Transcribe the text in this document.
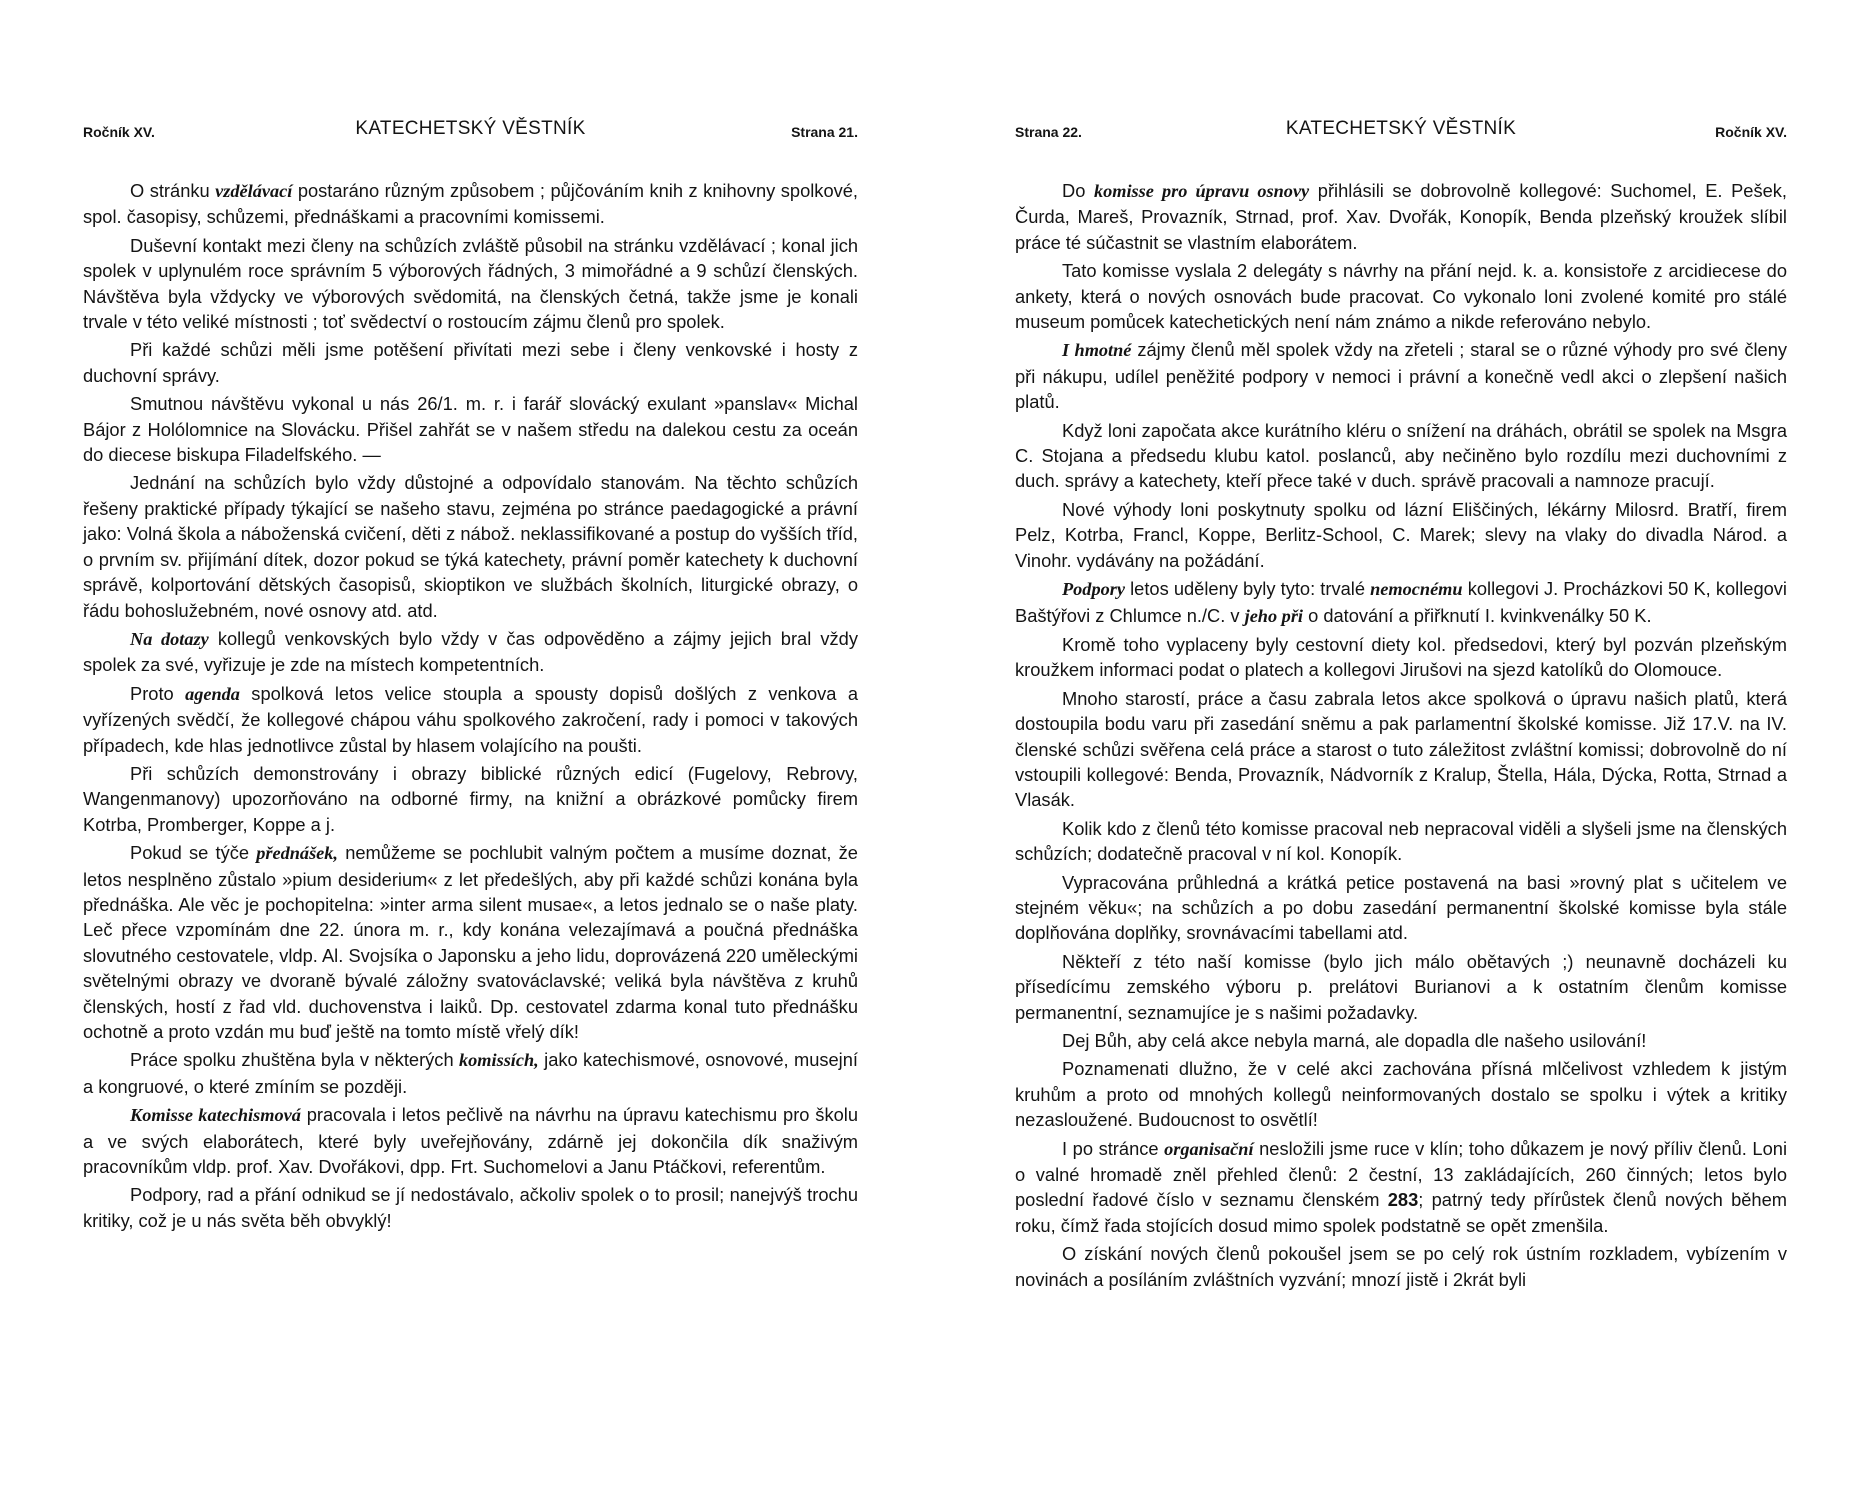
Ročník XV.	KATECHETSKÝ VĚSTNÍK	Strana 21.

O stránku vzdělávací postaráno různým způsobem ; půjčováním knih z knihovny spolkové, spol. časopisy, schůzemi, přednáškami a pracovními komissemi.

Duševní kontakt mezi členy na schůzích zvláště působil na stránku vzdělávací ; konal jich spolek v uplynulém roce správním 5 výborových řádných, 3 mimořádné a 9 schůzí členských. Návštěva byla vždycky ve výborových svědomitá, na členských četná, takže jsme je konali trvale v této veliké místnosti ; toť svědectví o rostoucím zájmu členů pro spolek.

Při každé schůzi měli jsme potěšení přivítati mezi sebe i členy venkovské i hosty z duchovní správy.

Smutnou návštěvu vykonal u nás 26/1. m. r. i farář slovácký exulant »panslav« Michal Bájor z Holólomnice na Slovácku. Přišel zahřát se v našem středu na dalekou cestu za oceán do diecese biskupa Filadelfského. —

Jednání na schůzích bylo vždy důstojné a odpovídalo stanovám. Na těchto schůzích řešeny praktické případy týkající se našeho stavu, zejména po stránce paedagogické a právní jako: Volná škola a náboženská cvičení, děti z nábož. neklassifikované a postup do vyšších tříd, o prvním sv. přijímání dítek, dozor pokud se týká katechety, právní poměr katechety k duchovní správě, kolportování dětských časopisů, skioptikon ve službách školních, liturgické obrazy, o řádu bohoslužebném, nové osnovy atd. atd.

Na dotazy kollegů venkovských bylo vždy v čas odpověděno a zájmy jejich bral vždy spolek za své, vyřizuje je zde na místech kompetentních.

Proto agenda spolková letos velice stoupla a spousty dopisů došlých z venkova a vyřízených svědčí, že kollegové chápou váhu spolkového zakročení, rady i pomoci v takových případech, kde hlas jednotlivce zůstal by hlasem volajícího na poušti.

Při schůzích demonstrovány i obrazy biblické různých edicí (Fugelovy, Rebrovy, Wangenmanovy) upozorňováno na odborné firmy, na knižní a obrázkové pomůcky firem Kotrba, Promberger, Koppe a j.

Pokud se týče přednášek, nemůžeme se pochlubit valným počtem a musíme doznat, že letos nesplněno zůstalo »pium desiderium« z let předešlých, aby při každé schůzi konána byla přednáška. Ale věc je pochopitelna: »inter arma silent musae«, a letos jednalo se o naše platy. Leč přece vzpomínám dne 22. února m. r., kdy konána velezajímavá a poučná přednáška slovutného cestovatele, vldp. Al. Svojsíka o Japonsku a jeho lidu, doprovázená 220 uměleckými světelnými obrazy ve dvoraně bývalé záložny svatováclavské; veliká byla návštěva z kruhů členských, hostí z řad vld. duchovenstva i laiků. Dp. cestovatel zdarma konal tuto přednášku ochotně a proto vzdán mu buď ještě na tomto místě vřelý dík!

Práce spolku zhuštěna byla v některých komissích, jako katechismové, osnovové, musejní a kongruové, o které zmíním se později.

Komisse katechismová pracovala i letos pečlivě na návrhu na úpravu katechismu pro školu a ve svých elaborátech, které byly uveřejňovány, zdárně jej dokončila dík snaživým pracovníkům vldp. prof. Xav. Dvořákovi, dpp. Frt. Suchomelovi a Janu Ptáčkovi, referentům.

Podpory, rad a přání odnikud se jí nedostávalo, ačkoliv spolek o to prosil; nanejvýš trochu kritiky, což je u nás světa běh obvyklý!

Strana 22.	KATECHETSKÝ VĚSTNÍK	Ročník XV.

Do komisse pro úpravu osnovy přihlásili se dobrovolně kollegové: Suchomel, E. Pešek, Čurda, Mareš, Provazník, Strnad, prof. Xav. Dvořák, Konopík, Benda plzeňský kroužek slíbil práce té súčastnit se vlastním elaborátem.

Tato komisse vyslala 2 delegáty s návrhy na přání nejd. k. a. konsistoře z arcidiecese do ankety, která o nových osnovách bude pracovat. Co vykonalo loni zvolené komité pro stálé museum pomůcek katechetických není nám známo a nikde referováno nebylo.

I hmotné zájmy členů měl spolek vždy na zřeteli ; staral se o různé výhody pro své členy při nákupu, udílel peněžité podpory v nemoci i právní a konečně vedl akci o zlepšení našich platů.

Když loni započata akce kurátního kléru o snížení na dráhách, obrátil se spolek na Msgra C. Stojana a předsedu klubu katol. poslanců, aby nečiněno bylo rozdílu mezi duchovními z duch. správy a katechety, kteří přece také v duch. správě pracovali a namnoze pracují.

Nové výhody loni poskytnuty spolku od lázní Eliščiných, lékárny Milosrd. Bratří, firem Pelz, Kotrba, Francl, Koppe, Berlitz-School, C. Marek; slevy na vlaky do divadla Národ. a Vinohr. vydávány na požádání.

Podpory letos uděleny byly tyto: trvalé nemocnému kollegovi J. Procházkovi 50 K, kollegovi Baštýřovi z Chlumce n./C. v jeho při o datování a přiřknutí I. kvinkvenálky 50 K.

Kromě toho vyplaceny byly cestovní diety kol. předsedovi, který byl pozván plzeňským kroužkem informaci podat o platech a kollegovi Jirušovi na sjezd katolíků do Olomouce.

Mnoho starostí, práce a času zabrala letos akce spolková o úpravu našich platů, která dostoupila bodu varu při zasedání sněmu a pak parlamentní školské komisse. Již 17.V. na IV. členské schůzi svěřena celá práce a starost o tuto záležitost zvláštní komissi; dobrovolně do ní vstoupili kollegové: Benda, Provazník, Nádvorník z Kralup, Štella, Hála, Dýcka, Rotta, Strnad a Vlasák.

Kolik kdo z členů této komisse pracoval neb nepracoval viděli a slyšeli jsme na členských schůzích; dodatečně pracoval v ní kol. Konopík.

Vypracována průhledná a krátká petice postavená na basi »rovný plat s učitelem ve stejném věku«; na schůzích a po dobu zasedání permanentní školské komisse byla stále doplňována doplňky, srovnávacími tabellami atd.

Někteří z této naší komisse (bylo jich málo obětavých ;) neunavně docházeli ku přísedícímu zemského výboru p. prelátovi Burianovi a k ostatním členům komisse permanentní, seznamujíce je s našimi požadavky.

Dej Bůh, aby celá akce nebyla marná, ale dopadla dle našeho usilování!

Poznamenati dlužno, že v celé akci zachována přísná mlčelivost vzhledem k jistým kruhům a proto od mnohých kollegů neinformovaných dostalo se spolku i výtek a kritiky nezasloužené. Budoucnost to osvětlí!

I po stránce organisační nesložili jsme ruce v klín; toho důkazem je nový příliv členů. Loni o valné hromadě zněl přehled členů: 2 čestní, 13 zakládajících, 260 činných; letos bylo poslední řadové číslo v seznamu členském 283; patrný tedy přírůstek členů nových během roku, čímž řada stojících dosud mimo spolek podstatně se opět zmenšila.

O získání nových členů pokoušel jsem se po celý rok ústním rozkladem, vybízením v novinách a posíláním zvláštních vyzvání; mnozí jistě i 2krát byli
